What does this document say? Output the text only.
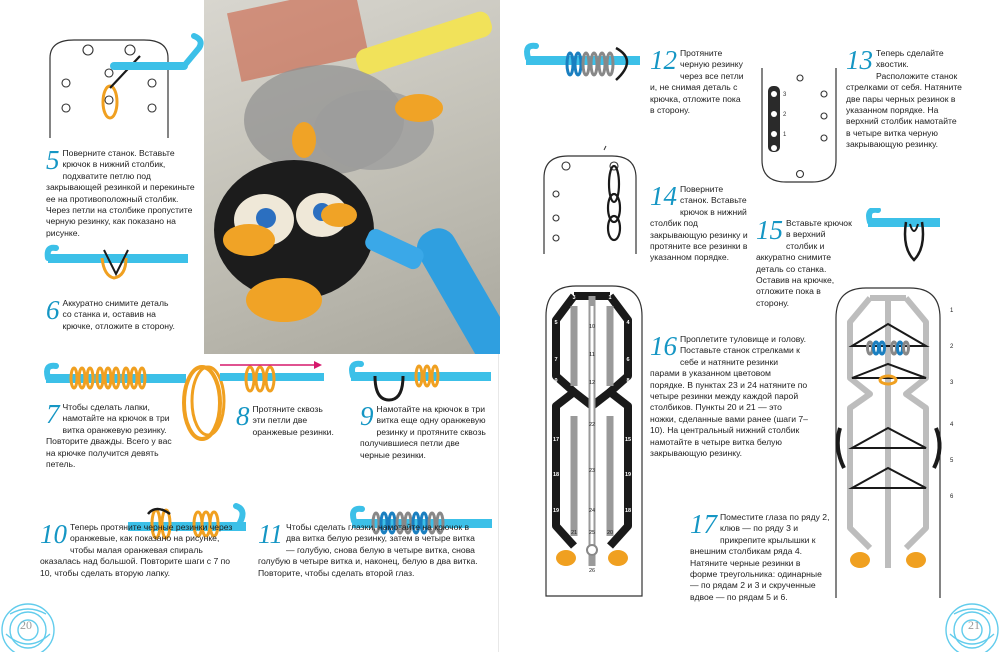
3
2
1
3	1
5	4
7	6
9	8
16	14
17	15
18	19
19	18
10
11
12
22
23
24
21 25 20
26
1
2
3
4
5
6
5 Поверните станок. Вставьте крючок в нижний столбик, подхватите петлю под закрывающей резинкой и перекиньте ее на противоположный столбик. Через петли на столбике пропустите черную резинку, как показано на рисунке.
6 Аккуратно снимите деталь со станка и, оставив на крючке, отложите в сторону.
7 Чтобы сделать лапки, намотайте на крючок в три витка оранжевую резинку. Повторите дважды. Всего у вас на крючке получится девять петель.
8 Протяните сквозь эти петли две оранжевые резинки.
9 Намотайте на крючок в три витка еще одну оранжевую резинку и протяните сквозь получившиеся петли две черные резинки.
10 Теперь протяните черные резинки через оранжевые, как показано на рисунке, чтобы малая оранжевая спираль оказалась над большой. Повторите шаги с 7 по 10, чтобы сделать вторую лапку.
11 Чтобы сделать глазки, намотайте на крючок в два витка белую резинку, затем в четыре витка — голубую, снова белую в четыре витка, снова голубую в четыре витка и, наконец, белую в два витка. Повторите, чтобы сделать второй глаз.
12 Протяните черную резинку через все петли и, не снимая деталь с крючка, отложите пока в сторону.
13 Теперь сделайте хвостик. Расположите станок стрелками от себя. Натяните две пары черных резинок в указанном порядке. На верхний столбик намотайте в четыре витка черную закрывающую резинку.
14 Поверните станок. Вставьте крючок в нижний столбик под закрывающую резинку и протяните все резинки в указанном порядке.
15 Вставьте крючок в верхний столбик и аккуратно снимите деталь со станка. Оставив на крючке, отложите пока в сторону.
16 Проплетите туловище и голову. Поставьте станок стрелками к себе и натяните резинки парами в указанном цветовом порядке. В пунктах 23 и 24 натяните по четыре резинки между каждой парой столбиков. Пункты 20 и 21 — это ножки, сделанные вами ранее (шаги 7–10). На центральный нижний столбик намотайте в четыре витка белую закрывающую резинку.
17 Поместите глаза по ряду 2, клюв — по ряду 3 и прикрепите крылышки к внешним столбикам ряда 4. Натяните черные резинки в форме треугольника: одинарные — по рядам 2 и 3 и скрученные вдвое — по рядам 5 и 6.
20	21
